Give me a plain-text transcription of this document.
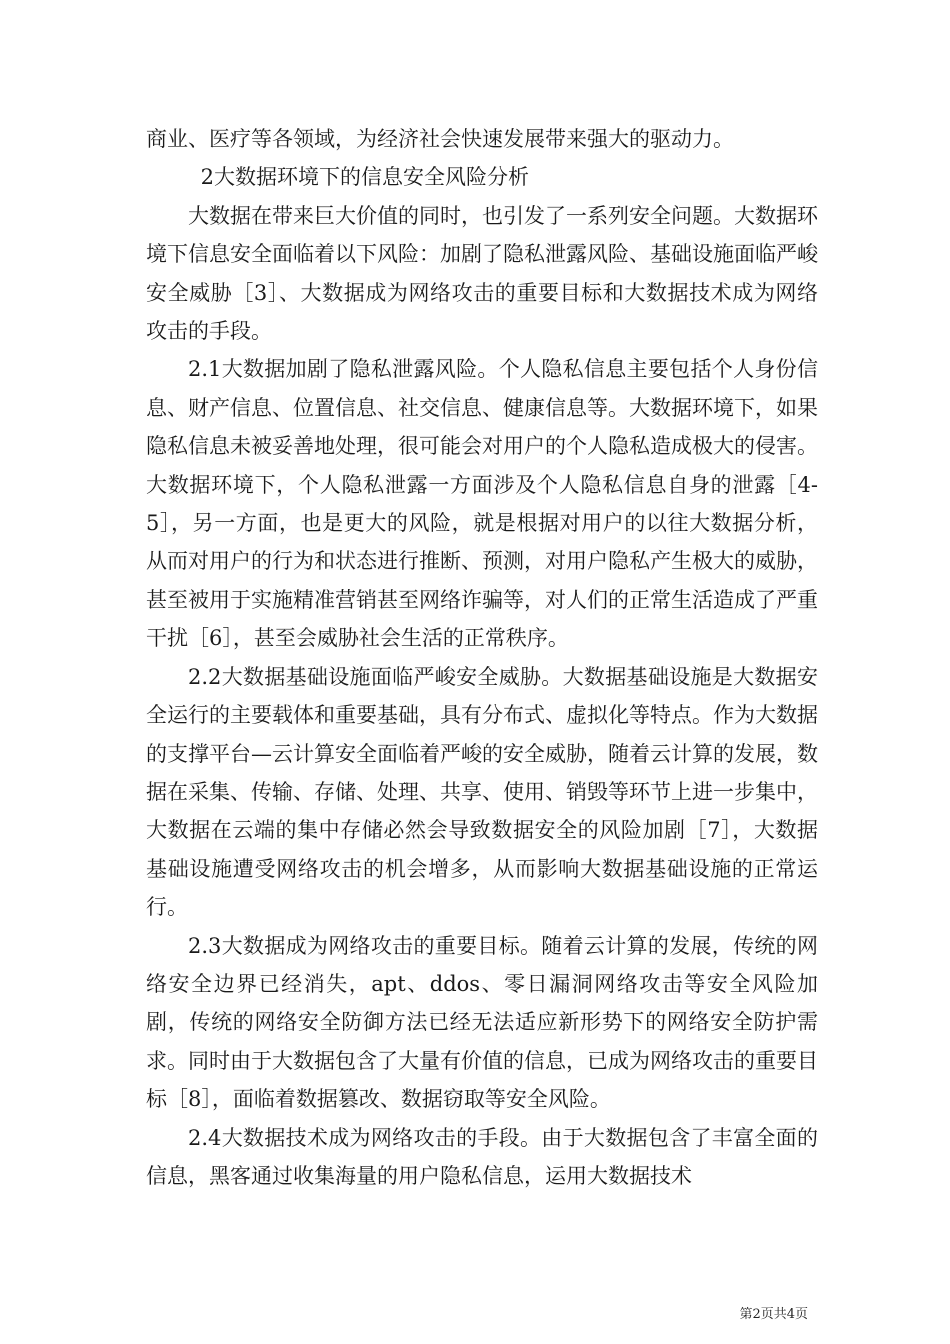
商业、医疗等各领域，为经济社会快速发展带来强大的驱动力。

2大数据环境下的信息安全风险分析

大数据在带来巨大价值的同时，也引发了一系列安全问题。大数据环境下信息安全面临着以下风险：加剧了隐私泄露风险、基础设施面临严峻安全威胁［3］、大数据成为网络攻击的重要目标和大数据技术成为网络攻击的手段。

2.1大数据加剧了隐私泄露风险。个人隐私信息主要包括个人身份信息、财产信息、位置信息、社交信息、健康信息等。大数据环境下，如果隐私信息未被妥善地处理，很可能会对用户的个人隐私造成极大的侵害。大数据环境下，个人隐私泄露一方面涉及个人隐私信息自身的泄露［4-5］，另一方面，也是更大的风险，就是根据对用户的以往大数据分析，从而对用户的行为和状态进行推断、预测，对用户隐私产生极大的威胁，甚至被用于实施精准营销甚至网络诈骗等，对人们的正常生活造成了严重干扰［6］，甚至会威胁社会生活的正常秩序。

2.2大数据基础设施面临严峻安全威胁。大数据基础设施是大数据安全运行的主要载体和重要基础，具有分布式、虚拟化等特点。作为大数据的支撑平台—云计算安全面临着严峻的安全威胁，随着云计算的发展，数据在采集、传输、存储、处理、共享、使用、销毁等环节上进一步集中，大数据在云端的集中存储必然会导致数据安全的风险加剧［7］，大数据基础设施遭受网络攻击的机会增多，从而影响大数据基础设施的正常运行。

2.3大数据成为网络攻击的重要目标。随着云计算的发展，传统的网络安全边界已经消失，apt、ddos、零日漏洞网络攻击等安全风险加剧，传统的网络安全防御方法已经无法适应新形势下的网络安全防护需求。同时由于大数据包含了大量有价值的信息，已成为网络攻击的重要目标［8］，面临着数据篡改、数据窃取等安全风险。

2.4大数据技术成为网络攻击的手段。由于大数据包含了丰富全面的信息，黑客通过收集海量的用户隐私信息，运用大数据技术

第2页共4页
